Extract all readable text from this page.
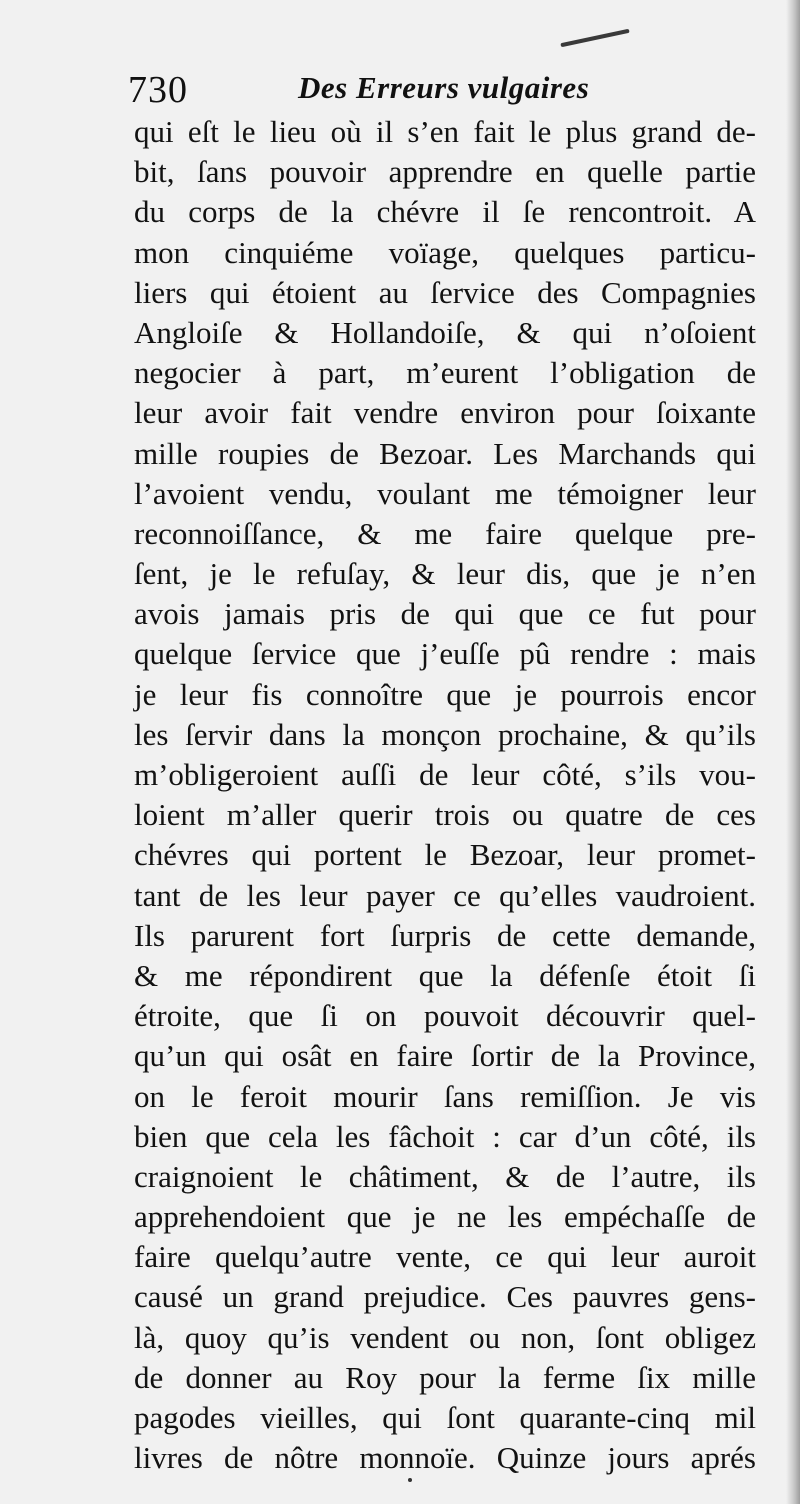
730	Des Erreurs vulgaires
qui eſt le lieu où il s’en fait le plus grand de-
bit, ſans pouvoir apprendre en quelle partie
du corps de la chévre il ſe rencontroit. A
mon cinquiéme voïage, quelques particu-
liers qui étoient au ſervice des Compagnies
Angloiſe & Hollandoiſe, & qui n’oſoient
negocier à part, m’eurent l’obligation de
leur avoir fait vendre environ pour ſoixante
mille roupies de Bezoar. Les Marchands qui
l’avoient vendu, voulant me témoigner leur
reconnoiſſance, & me faire quelque pre-
ſent, je le refuſay, & leur dis, que je n’en
avois jamais pris de qui que ce fut pour
quelque ſervice que j’euſſe pû rendre : mais
je leur fis connoître que je pourrois encor
les ſervir dans la monçon prochaine, & qu’ils
m’obligeroient auſſi de leur côté, s’ils vou-
loient m’aller querir trois ou quatre de ces
chévres qui portent le Bezoar, leur promet-
tant de les leur payer ce qu’elles vaudroient.
Ils parurent fort ſurpris de cette demande,
& me répondirent que la défenſe étoit ſi
étroite, que ſi on pouvoit découvrir quel-
qu’un qui osât en faire ſortir de la Province,
on le feroit mourir ſans remiſſion. Je vis
bien que cela les fâchoit : car d’un côté, ils
craignoient le châtiment, & de l’autre, ils
apprehendoient que je ne les empéchaſſe de
faire quelqu’autre vente, ce qui leur auroit
causé un grand prejudice. Ces pauvres gens-
là, quoy qu’is vendent ou non, ſont obligez
de donner au Roy pour la ferme ſix mille
pagodes vieilles, qui ſont quarante-cinq mil
livres de nôtre monnoïe. Quinze jours aprés
